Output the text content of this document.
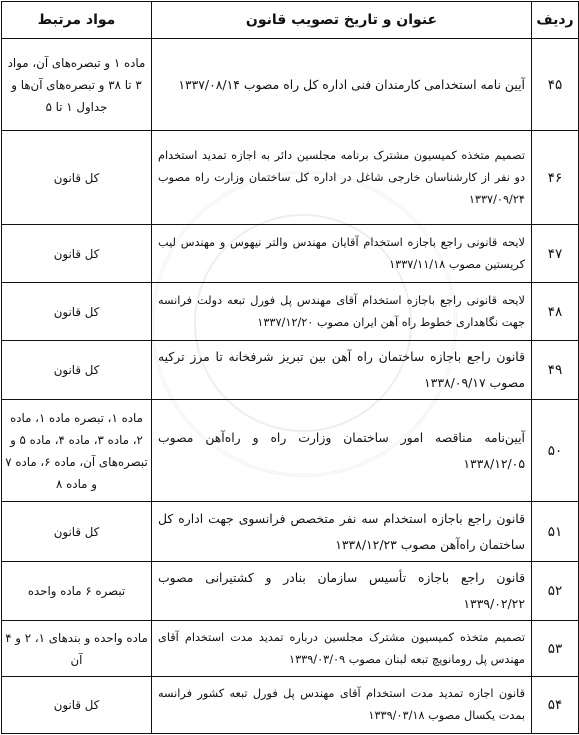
مواد مرتبط	عنوان و تاریخ تصویب قانون	ردیف
ماده ۱ و تبصره‌های آن، مواد ۳ تا ۳۸ و تبصره‌های آن‌ها و جداول ۱ تا ۵	آیین نامه استخدامی کارمندان فنی اداره کل راه مصوب ۱۳۳۷/۰۸/۱۴	۴۵
کل قانون	تصمیم متخذه کمیسیون مشترک برنامه مجلسین دائر به اجازه تمدید استخدام دو نفر از کارشناسان خارجی شاغل در اداره کل ساختمان وزارت راه مصوب ۱۳۳۷/۰۹/۲۴	۴۶
کل قانون	لایحه قانونی راجع باجازه استخدام آقایان مهندس والتر نیهوس و مهندس لیب کریستین مصوب ۱۳۳۷/۱۱/۱۸	۴۷
کل قانون	لایحه قانونی راجع باجازه استخدام آقای مهندس پل فورل تبعه دولت فرانسه جهت نگاهداری خطوط راه آهن ایران مصوب ۱۳۳۷/۱۲/۲۰	۴۸
کل قانون	قانون راجع باجازه ساختمان راه آهن بین تبریز شرفخانه تا مرز ترکیه مصوب ۱۳۳۸/۰۹/۱۷	۴۹
ماده ۱، تبصره ماده ۱، ماده ۲، ماده ۳، ماده ۴، ماده ۵ و تبصره‌های آن، ماده ۶، ماده ۷ و ماده ۸	آیین‌نامه مناقصه امور ساختمان وزارت راه و راه‌آهن مصوب ۱۳۳۸/۱۲/۰۵	۵۰
کل قانون	قانون راجع باجازه استخدام سه نفر متخصص فرانسوی جهت اداره کل ساختمان راه‌آهن مصوب ۱۳۳۸/۱۲/۲۳	۵۱
تبصره ۶ ماده واحده	قانون راجع باجازه تأسیس سازمان بنادر و کشتیرانی مصوب ۱۳۳۹/۰۲/۲۲	۵۲
ماده واحده و بندهای ۱، ۲ و ۴ آن	تصمیم متخذه کمیسیون مشترک مجلسین درباره تمدید مدت استخدام آقای مهندس پل رومانویچ تبعه لبنان مصوب ۱۳۳۹/۰۳/۰۹	۵۳
کل قانون	قانون اجازه تمدید مدت استخدام آقای مهندس پل فورل تبعه کشور فرانسه بمدت یکسال مصوب ۱۳۳۹/۰۳/۱۸	۵۴
